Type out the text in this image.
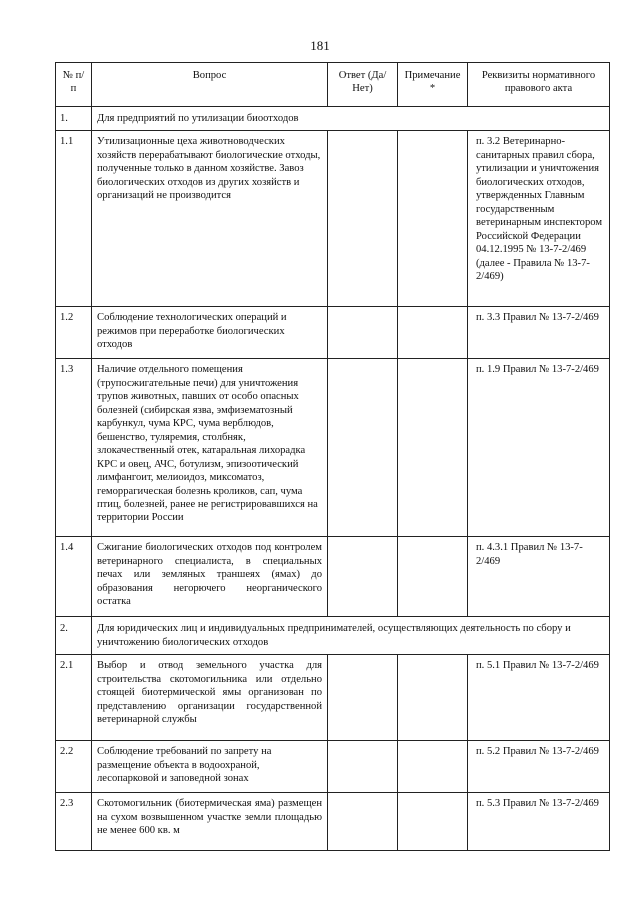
181
№ п/п	Вопрос	Ответ (Да/Нет)	Примечание *	Реквизиты нормативного правового акта
1.	Для предприятий по утилизации биоотходов			
1.1	Утилизационные цеха животноводческих хозяйств перерабатывают биологические отходы, полученные только в данном хозяйстве. Завоз биологических отходов из других хозяйств и организаций не производится			п. 3.2 Ветеринарно-санитарных правил сбора, утилизации и уничтожения биологических отходов, утвержденных Главным государственным ветеринарным инспектором Российской Федерации 04.12.1995 № 13-7-2/469 (далее - Правила № 13-7-2/469)
1.2	Соблюдение технологических операций и режимов при переработке биологических отходов			п. 3.3 Правил № 13-7-2/469
1.3	Наличие отдельного помещения (трупосжигательные печи) для уничтожения трупов животных, павших от особо опасных болезней (сибирская язва, эмфизематозный карбункул, чума КРС, чума верблюдов, бешенство, туляремия, столбняк, злокачественный отек, катаральная лихорадка КРС и овец, АЧС, ботулизм, эпизоотический лимфангоит, мелиоидоз, миксоматоз, геморрагическая болезнь кроликов, сап, чума птиц, болезней, ранее не регистрировавшихся на территории России			п. 1.9 Правил № 13-7-2/469
1.4	Сжигание биологических отходов под контролем ветеринарного специалиста, в специальных печах или земляных траншеях (ямах) до образования негорючего неорганического остатка			п. 4.3.1 Правил № 13-7-2/469
2.	Для юридических лиц и индивидуальных предпринимателей, осуществляющих деятельность по сбору и уничтожению биологических отходов			
2.1	Выбор и отвод земельного участка для строительства скотомогильника или отдельно стоящей биотермической ямы организован по представлению организации государственной ветеринарной службы			п. 5.1 Правил № 13-7-2/469
2.2	Соблюдение требований по запрету на размещение объекта в водоохраной, лесопарковой и заповедной зонах			п. 5.2 Правил № 13-7-2/469
2.3	Скотомогильник (биотермическая яма) размещен на сухом возвышенном участке земли площадью не менее 600 кв. м			п. 5.3 Правил № 13-7-2/469
